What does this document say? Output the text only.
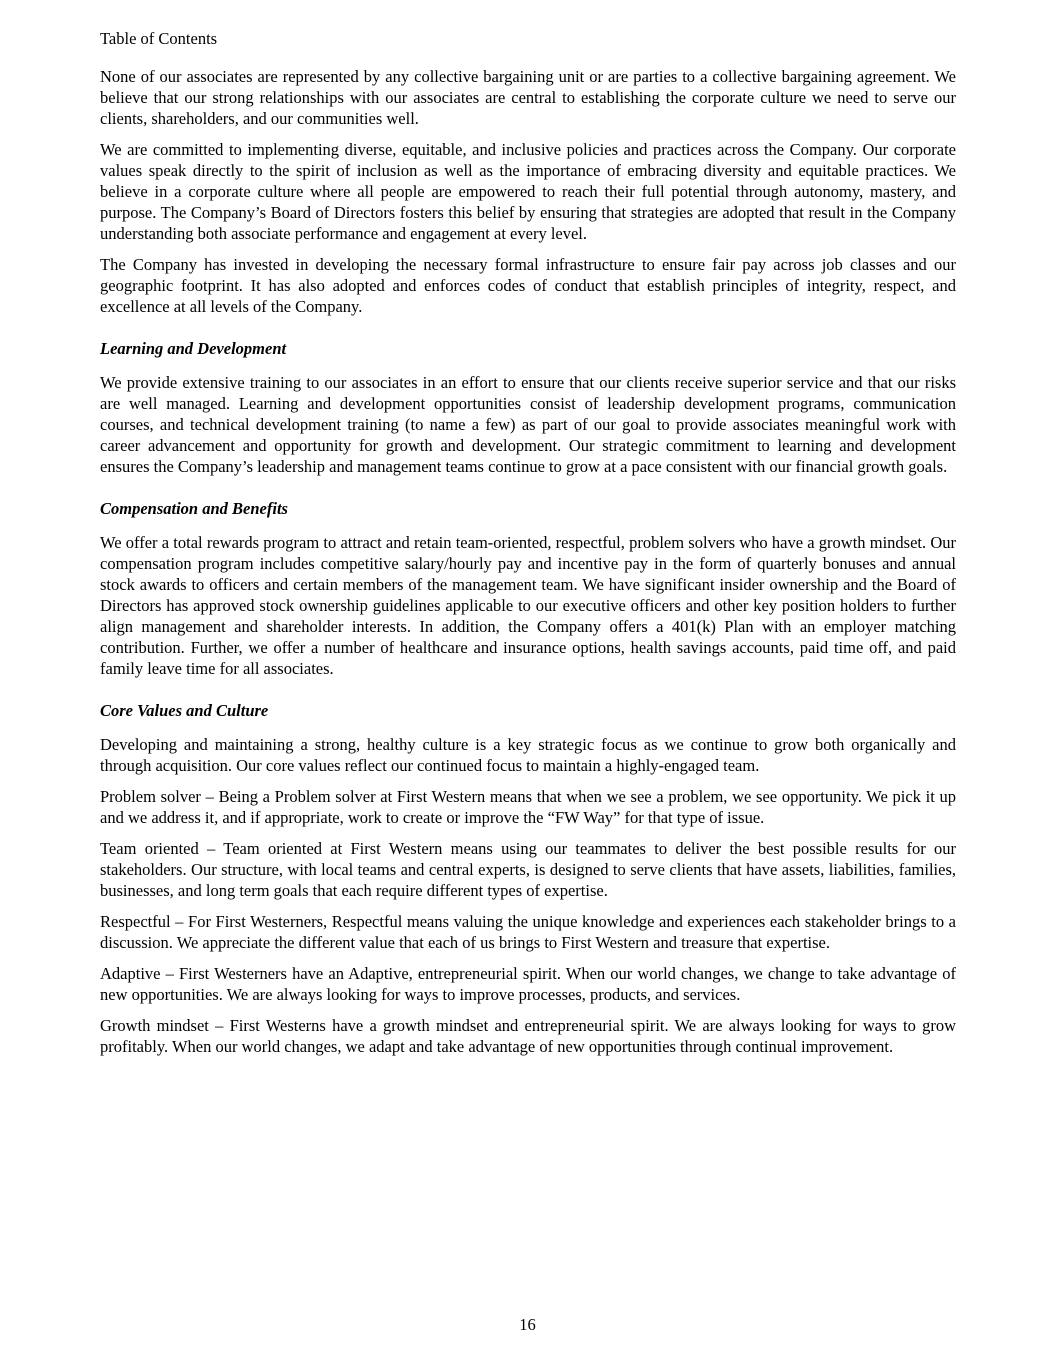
Table of Contents

None of our associates are represented by any collective bargaining unit or are parties to a collective bargaining agreement. We believe that our strong relationships with our associates are central to establishing the corporate culture we need to serve our clients, shareholders, and our communities well.

We are committed to implementing diverse, equitable, and inclusive policies and practices across the Company. Our corporate values speak directly to the spirit of inclusion as well as the importance of embracing diversity and equitable practices. We believe in a corporate culture where all people are empowered to reach their full potential through autonomy, mastery, and purpose. The Company’s Board of Directors fosters this belief by ensuring that strategies are adopted that result in the Company understanding both associate performance and engagement at every level.

The Company has invested in developing the necessary formal infrastructure to ensure fair pay across job classes and our geographic footprint. It has also adopted and enforces codes of conduct that establish principles of integrity, respect, and excellence at all levels of the Company.

Learning and Development

We provide extensive training to our associates in an effort to ensure that our clients receive superior service and that our risks are well managed. Learning and development opportunities consist of leadership development programs, communication courses, and technical development training (to name a few) as part of our goal to provide associates meaningful work with career advancement and opportunity for growth and development. Our strategic commitment to learning and development ensures the Company’s leadership and management teams continue to grow at a pace consistent with our financial growth goals.

Compensation and Benefits

We offer a total rewards program to attract and retain team-oriented, respectful, problem solvers who have a growth mindset. Our compensation program includes competitive salary/hourly pay and incentive pay in the form of quarterly bonuses and annual stock awards to officers and certain members of the management team. We have significant insider ownership and the Board of Directors has approved stock ownership guidelines applicable to our executive officers and other key position holders to further align management and shareholder interests. In addition, the Company offers a 401(k) Plan with an employer matching contribution. Further, we offer a number of healthcare and insurance options, health savings accounts, paid time off, and paid family leave time for all associates.

Core Values and Culture

Developing and maintaining a strong, healthy culture is a key strategic focus as we continue to grow both organically and through acquisition. Our core values reflect our continued focus to maintain a highly-engaged team.

Problem solver – Being a Problem solver at First Western means that when we see a problem, we see opportunity. We pick it up and we address it, and if appropriate, work to create or improve the “FW Way” for that type of issue.

Team oriented – Team oriented at First Western means using our teammates to deliver the best possible results for our stakeholders. Our structure, with local teams and central experts, is designed to serve clients that have assets, liabilities, families, businesses, and long term goals that each require different types of expertise.

Respectful – For First Westerners, Respectful means valuing the unique knowledge and experiences each stakeholder brings to a discussion. We appreciate the different value that each of us brings to First Western and treasure that expertise.

Adaptive – First Westerners have an Adaptive, entrepreneurial spirit. When our world changes, we change to take advantage of new opportunities. We are always looking for ways to improve processes, products, and services.

Growth mindset – First Westerns have a growth mindset and entrepreneurial spirit. We are always looking for ways to grow profitably. When our world changes, we adapt and take advantage of new opportunities through continual improvement.

16
